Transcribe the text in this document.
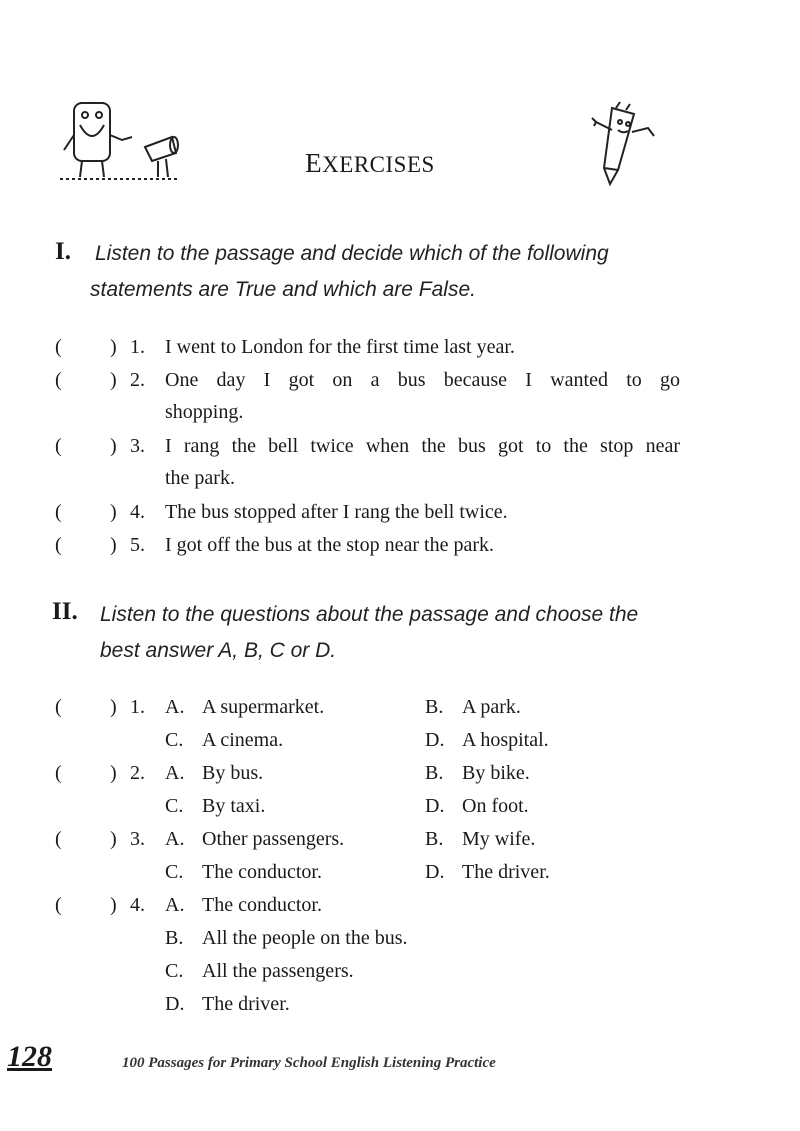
EXERCISES
I. Listen to the passage and decide which of the following
statements are True and which are False.
( ) 1. I went to London for the first time last year.
( ) 2. One day I got on a bus because I wanted to go
shopping.
( ) 3. I rang the bell twice when the bus got to the stop near
the park.
( ) 4. The bus stopped after I rang the bell twice.
( ) 5. I got off the bus at the stop near the park.
II. Listen to the questions about the passage and choose the
best answer A, B, C or D.
( ) 1. A. A supermarket.	B. A park.
C. A cinema.	D. A hospital.
( ) 2. A. By bus.	B. By bike.
C. By taxi.	D. On foot.
( ) 3. A. Other passengers.	B. My wife.
C. The conductor.	D. The driver.
( ) 4. A. The conductor.
B. All the people on the bus.
C. All the passengers.
D. The driver.
128	100 Passages for Primary School English Listening Practice
